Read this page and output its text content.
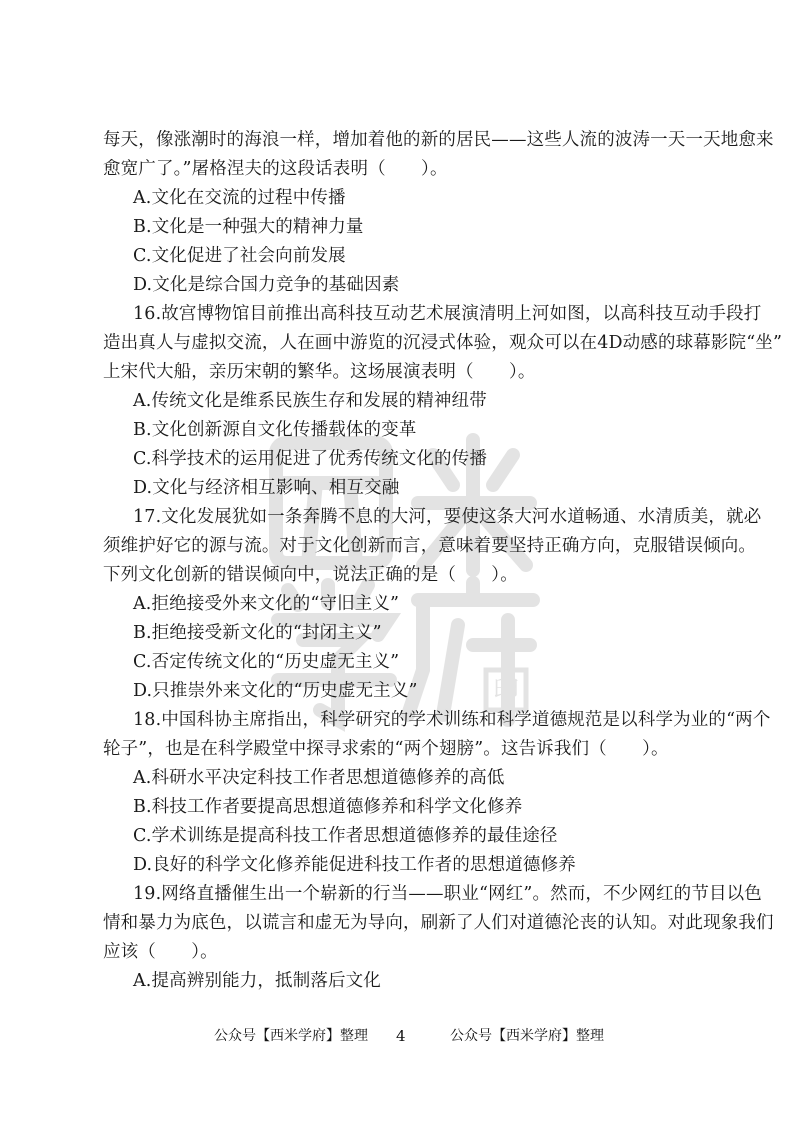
印
每天，像涨潮时的海浪一样，增加着他的新的居民——这些人流的波涛一天一天地愈来
愈宽广了。”屠格涅夫的这段话表明（　　）。
A.文化在交流的过程中传播
B.文化是一种强大的精神力量
C.文化促进了社会向前发展
D.文化是综合国力竞争的基础因素
16.故宫博物馆目前推出高科技互动艺术展演清明上河如图，以高科技互动手段打
造出真人与虚拟交流，人在画中游览的沉浸式体验，观众可以在4D动感的球幕影院“坐”
上宋代大船，亲历宋朝的繁华。这场展演表明（　　）。
A.传统文化是维系民族生存和发展的精神纽带
B.文化创新源自文化传播载体的变革
C.科学技术的运用促进了优秀传统文化的传播
D.文化与经济相互影响、相互交融
17.文化发展犹如一条奔腾不息的大河，要使这条大河水道畅通、水清质美，就必
须维护好它的源与流。对于文化创新而言，意味着要坚持正确方向，克服错误倾向。
下列文化创新的错误倾向中，说法正确的是（　　）。
A.拒绝接受外来文化的“守旧主义”
B.拒绝接受新文化的“封闭主义”
C.否定传统文化的“历史虚无主义”
D.只推崇外来文化的“历史虚无主义”
18.中国科协主席指出，科学研究的学术训练和科学道德规范是以科学为业的“两个
轮子”，也是在科学殿堂中探寻求索的“两个翅膀”。这告诉我们（　　）。
A.科研水平决定科技工作者思想道德修养的高低
B.科技工作者要提高思想道德修养和科学文化修养
C.学术训练是提高科技工作者思想道德修养的最佳途径
D.良好的科学文化修养能促进科技工作者的思想道德修养
19.网络直播催生出一个崭新的行当——职业“网红”。然而，不少网红的节目以色
情和暴力为底色，以谎言和虚无为导向，刷新了人们对道德沦丧的认知。对此现象我们
应该（　　）。
A.提高辨别能力，抵制落后文化
公众号【西米学府】整理 4	公众号【西米学府】整理
